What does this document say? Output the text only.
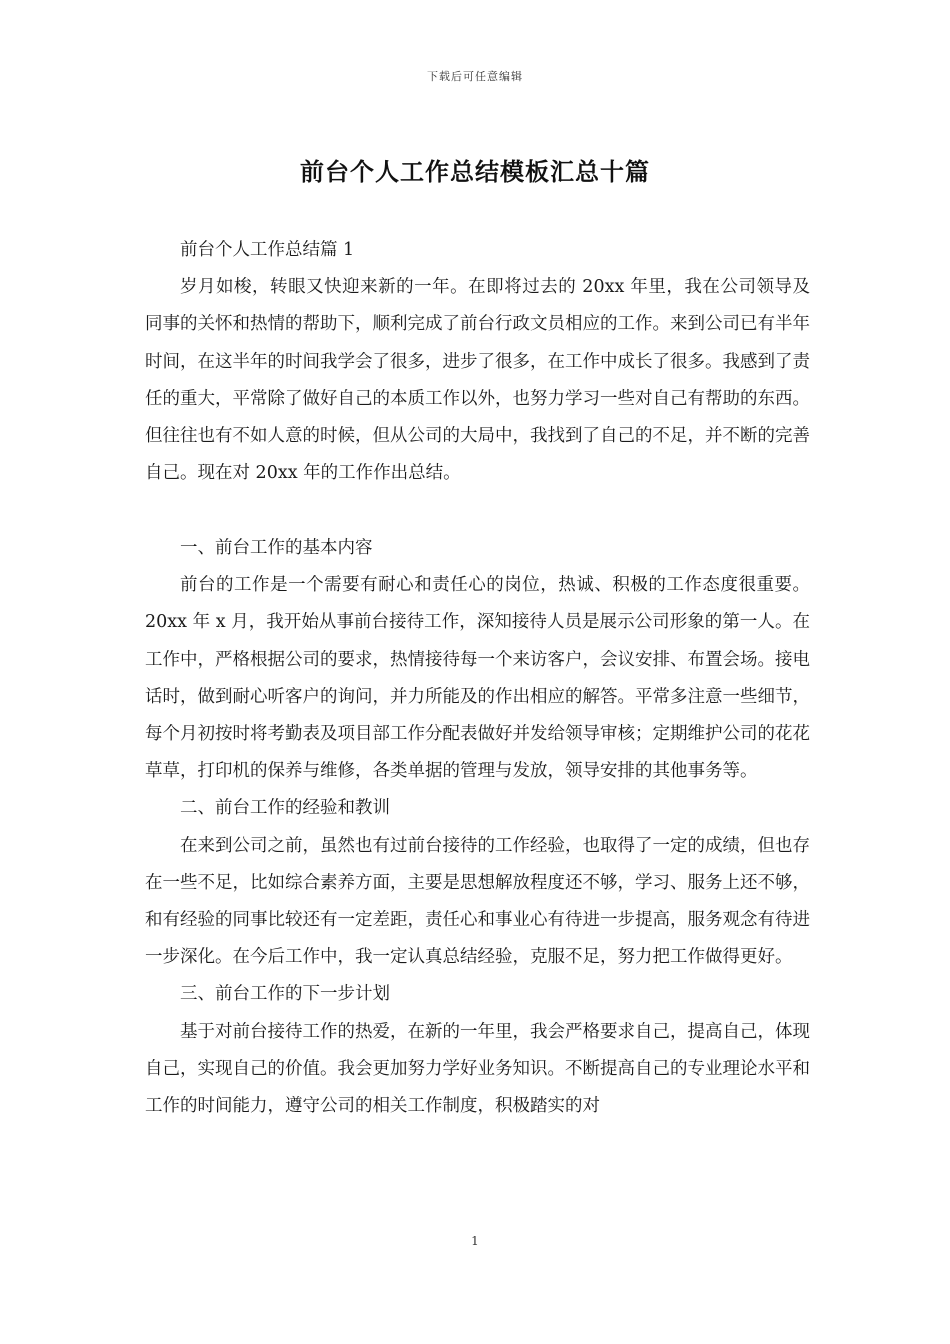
下载后可任意编辑
前台个人工作总结模板汇总十篇

前台个人工作总结篇 1

岁月如梭，转眼又快迎来新的一年。在即将过去的 20xx 年里，我在公司领导及同事的关怀和热情的帮助下，顺利完成了前台行政文员相应的工作。来到公司已有半年时间，在这半年的时间我学会了很多，进步了很多，在工作中成长了很多。我感到了责任的重大，平常除了做好自己的本质工作以外，也努力学习一些对自己有帮助的东西。但往往也有不如人意的时候，但从公司的大局中，我找到了自己的不足，并不断的完善自己。现在对 20xx 年的工作作出总结。

一、前台工作的基本内容

前台的工作是一个需要有耐心和责任心的岗位，热诚、积极的工作态度很重要。20xx 年 x 月，我开始从事前台接待工作，深知接待人员是展示公司形象的第一人。在工作中，严格根据公司的要求，热情接待每一个来访客户，会议安排、布置会场。接电话时，做到耐心听客户的询问，并力所能及的作出相应的解答。平常多注意一些细节，每个月初按时将考勤表及项目部工作分配表做好并发给领导审核；定期维护公司的花花草草，打印机的保养与维修，各类单据的管理与发放，领导安排的其他事务等。

二、前台工作的经验和教训

在来到公司之前，虽然也有过前台接待的工作经验，也取得了一定的成绩，但也存在一些不足，比如综合素养方面，主要是思想解放程度还不够，学习、服务上还不够，和有经验的同事比较还有一定差距，责任心和事业心有待进一步提高，服务观念有待进一步深化。在今后工作中，我一定认真总结经验，克服不足，努力把工作做得更好。

三、前台工作的下一步计划

基于对前台接待工作的热爱，在新的一年里，我会严格要求自己，提高自己，体现自己，实现自己的价值。我会更加努力学好业务知识。不断提高自己的专业理论水平和工作的时间能力，遵守公司的相关工作制度，积极踏实的对

1
